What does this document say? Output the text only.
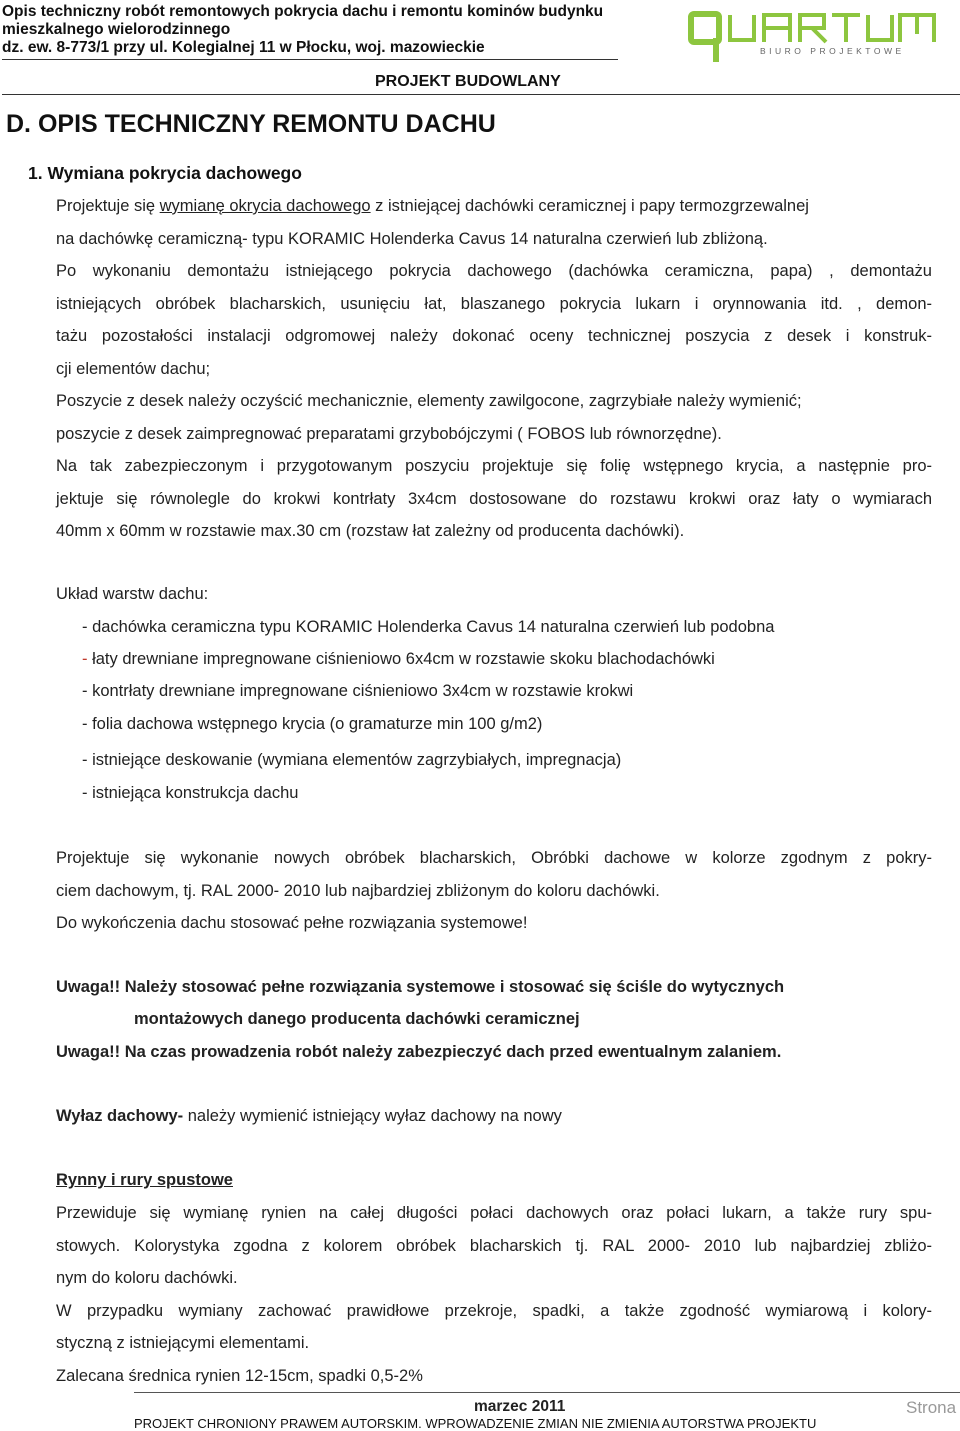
Opis techniczny robót remontowych pokrycia dachu i remontu kominów budynku
mieszkalnego wielorodzinnego
dz. ew. 8-773/1 przy ul. Kolegialnej 11 w Płocku, woj. mazowieckie
PROJEKT BUDOWLANY
BIURO PROJEKTOWE
D. OPIS TECHNICZNY REMONTU DACHU
1. Wymiana pokrycia dachowego
Projektuje się wymianę okrycia dachowego z istniejącej dachówki ceramicznej i papy termozgrzewalnej
na dachówkę ceramiczną- typu KORAMIC Holenderka Cavus 14 naturalna czerwień lub zbliżoną.
Po wykonaniu demontażu istniejącego pokrycia dachowego (dachówka ceramiczna, papa) , demontażu
istniejących obróbek blacharskich, usunięciu łat, blaszanego pokrycia lukarn i orynnowania itd. , demon-
tażu pozostałości instalacji odgromowej należy dokonać oceny technicznej poszycia z desek i konstruk-
cji elementów dachu;
Poszycie z desek należy oczyścić mechanicznie, elementy zawilgocone, zagrzybiałe należy wymienić;
poszycie z desek zaimpregnować preparatami grzybobójczymi ( FOBOS lub równorzędne).
Na tak zabezpieczonym i przygotowanym poszyciu projektuje się folię wstępnego krycia, a następnie pro-
jektuje się równolegle do krokwi kontrłaty 3x4cm dostosowane do rozstawu krokwi oraz łaty o wymiarach
40mm x 60mm w rozstawie max.30 cm (rozstaw łat zależny od producenta dachówki).
Układ warstw dachu:
- dachówka ceramiczna typu KORAMIC Holenderka Cavus 14 naturalna czerwień lub podobna
- łaty drewniane impregnowane ciśnieniowo 6x4cm w rozstawie skoku blachodachówki
- kontrłaty drewniane impregnowane ciśnieniowo 3x4cm w rozstawie krokwi
- folia dachowa wstępnego krycia (o gramaturze min 100 g/m2)
- istniejące deskowanie (wymiana elementów zagrzybiałych, impregnacja)
- istniejąca konstrukcja dachu
Projektuje się wykonanie nowych obróbek blacharskich, Obróbki dachowe w kolorze zgodnym z pokry-
ciem dachowym, tj. RAL 2000- 2010 lub najbardziej zbliżonym do koloru dachówki.
Do wykończenia dachu stosować pełne rozwiązania systemowe!
Uwaga!! Należy stosować pełne rozwiązania systemowe i stosować się ściśle do wytycznych
montażowych danego producenta dachówki ceramicznej
Uwaga!! Na czas prowadzenia robót należy zabezpieczyć dach przed ewentualnym zalaniem.
Wyłaz dachowy- należy wymienić istniejący wyłaz dachowy na nowy
Rynny i rury spustowe
Przewiduje się wymianę rynien na całej długości połaci dachowych oraz połaci lukarn, a także rury spu-
stowych. Kolorystyka zgodna z kolorem obróbek blacharskich tj. RAL 2000- 2010 lub najbardziej zbliżo-
nym do koloru dachówki.
W przypadku wymiany zachować prawidłowe przekroje, spadki, a także zgodność wymiarową i kolory-
styczną z istniejącymi elementami.
Zalecana średnica rynien 12-15cm, spadki 0,5-2%
marzec 2011	Strona
PROJEKT CHRONIONY PRAWEM AUTORSKIM. WPROWADZENIE ZMIAN NIE ZMIENIA AUTORSTWA PROJEKTU
